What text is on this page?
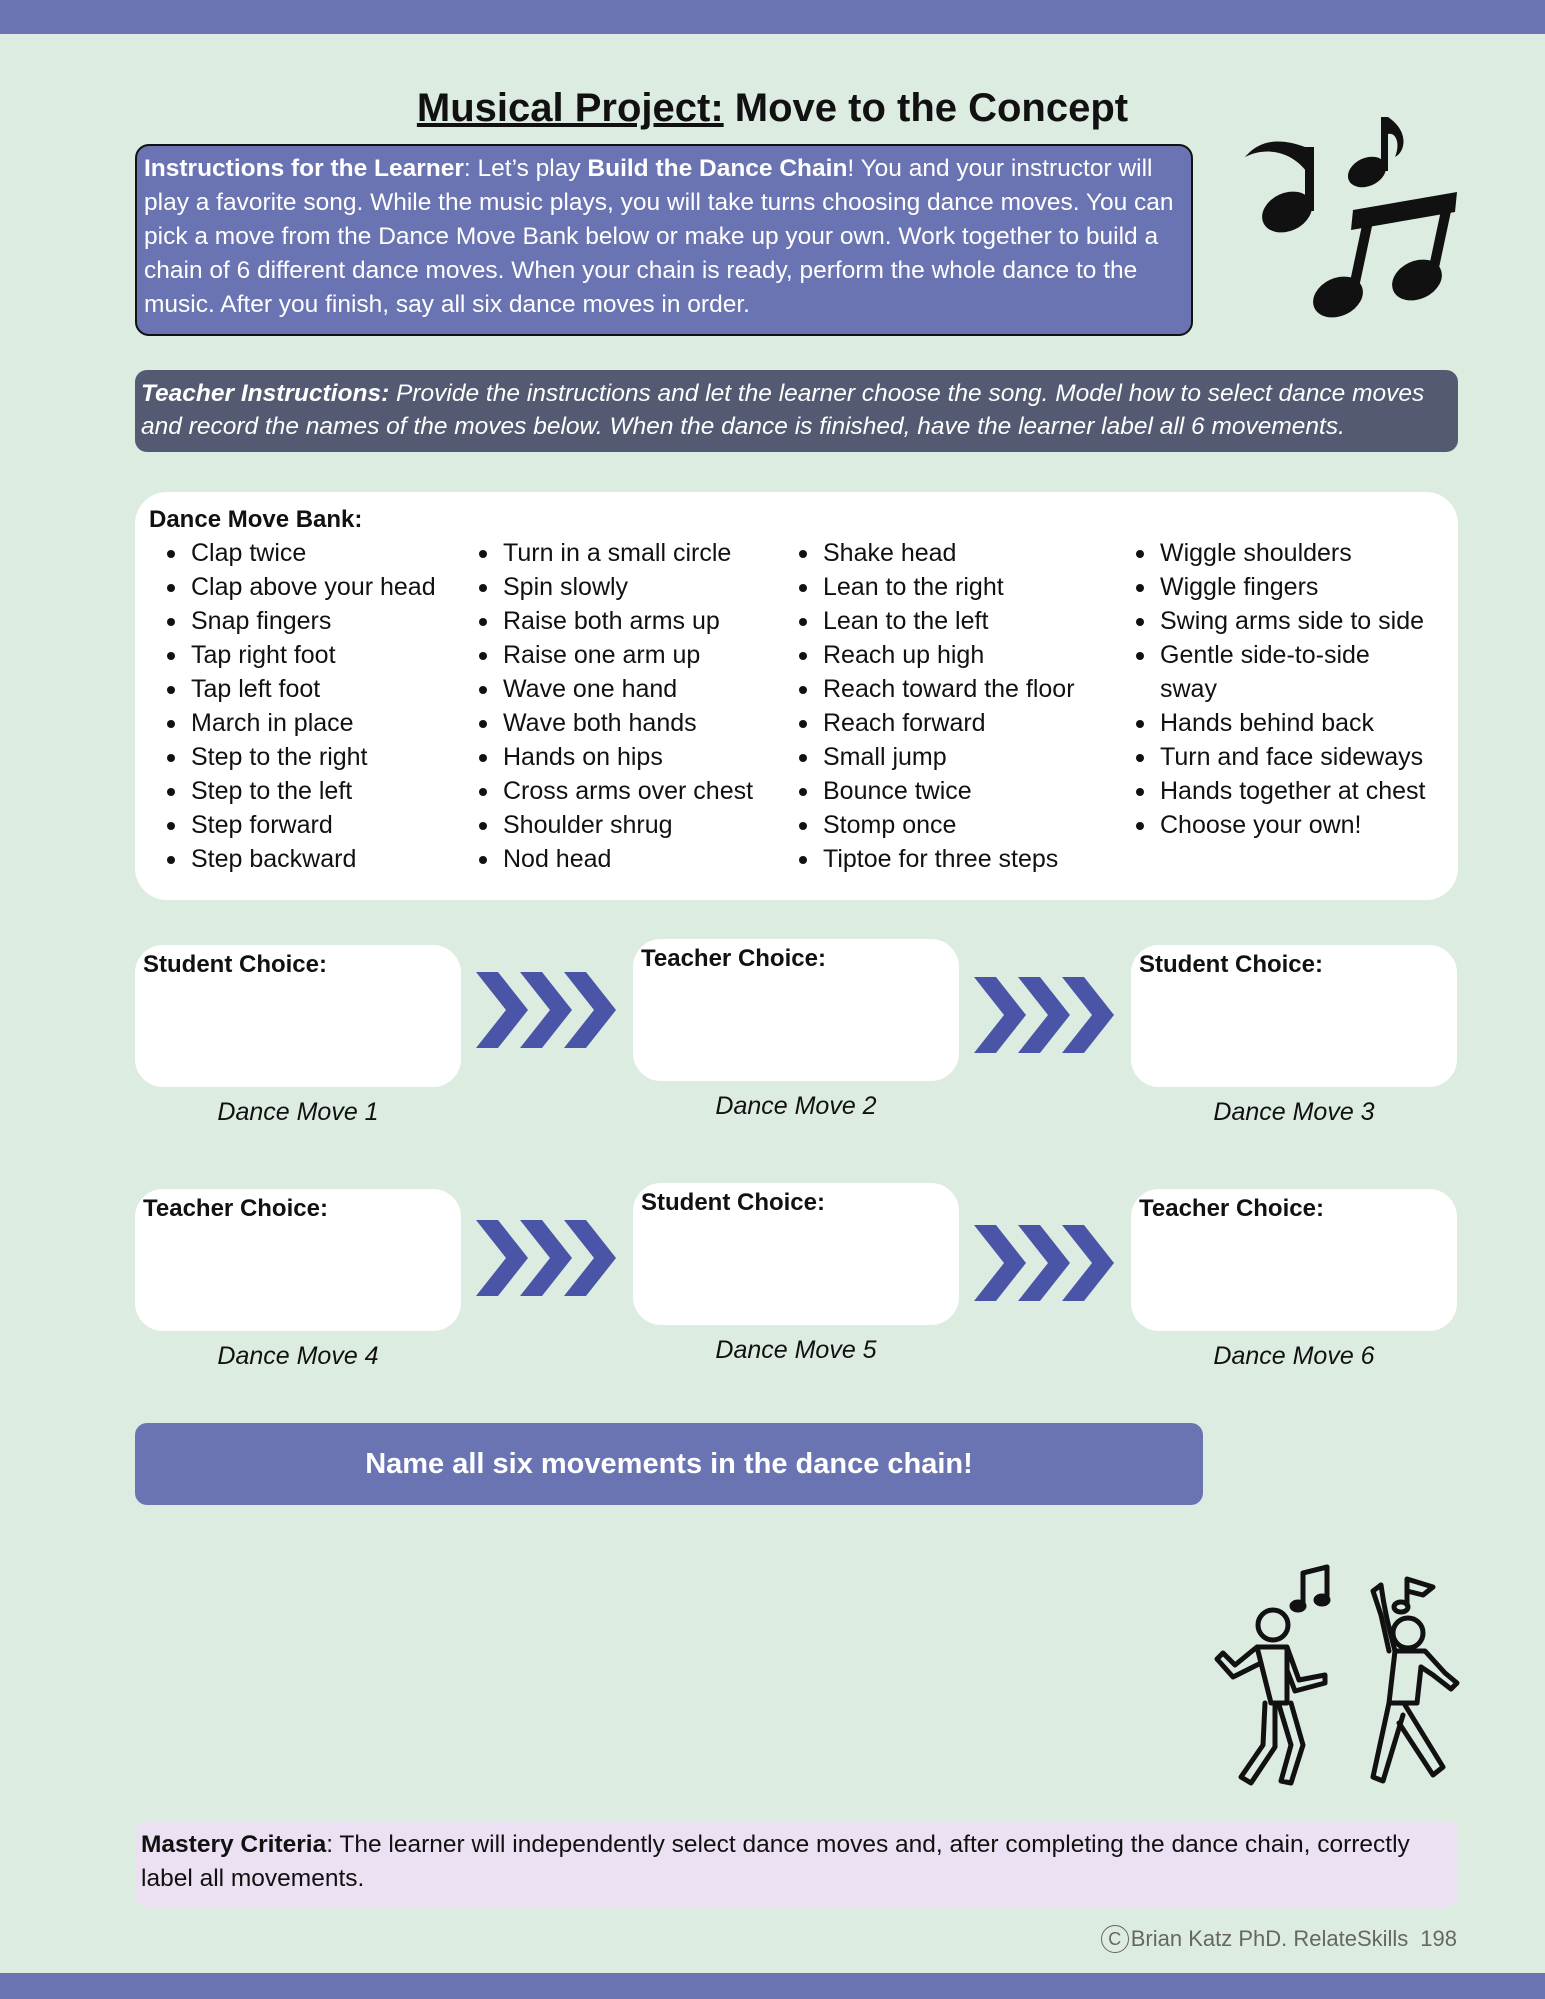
Musical Project: Move to the Concept
Instructions for the Learner: Let’s play Build the Dance Chain! You and your instructor will play a favorite song. While the music plays, you will take turns choosing dance moves. You can pick a move from the Dance Move Bank below or make up your own. Work together to build a chain of 6 different dance moves. When your chain is ready, perform the whole dance to the music. After you finish, say all six dance moves in order.
Teacher Instructions: Provide the instructions and let the learner choose the song. Model how to select dance moves and record the names of the moves below. When the dance is finished, have the learner label all 6 movements.
Dance Move Bank:
Clap twice
Clap above your head
Snap fingers
Tap right foot
Tap left foot
March in place
Step to the right
Step to the left
Step forward
Step backward
Turn in a small circle
Spin slowly
Raise both arms up
Raise one arm up
Wave one hand
Wave both hands
Hands on hips
Cross arms over chest
Shoulder shrug
Nod head
Shake head
Lean to the right
Lean to the left
Reach up high
Reach toward the floor
Reach forward
Small jump
Bounce twice
Stomp once
Tiptoe for three steps
Wiggle shoulders
Wiggle fingers
Swing arms side to side
Gentle side-to-side sway
Hands behind back
Turn and face sideways
Hands together at chest
Choose your own!
Student Choice:
Dance Move 1
Teacher Choice:
Dance Move 2
Student Choice:
Dance Move 3
Teacher Choice:
Dance Move 4
Student Choice:
Dance Move 5
Teacher Choice:
Dance Move 6
Name all six movements in the dance chain!
Mastery Criteria: The learner will independently select dance moves and, after completing the dance chain, correctly label all movements.
C Brian Katz PhD. RelateSkills 198
